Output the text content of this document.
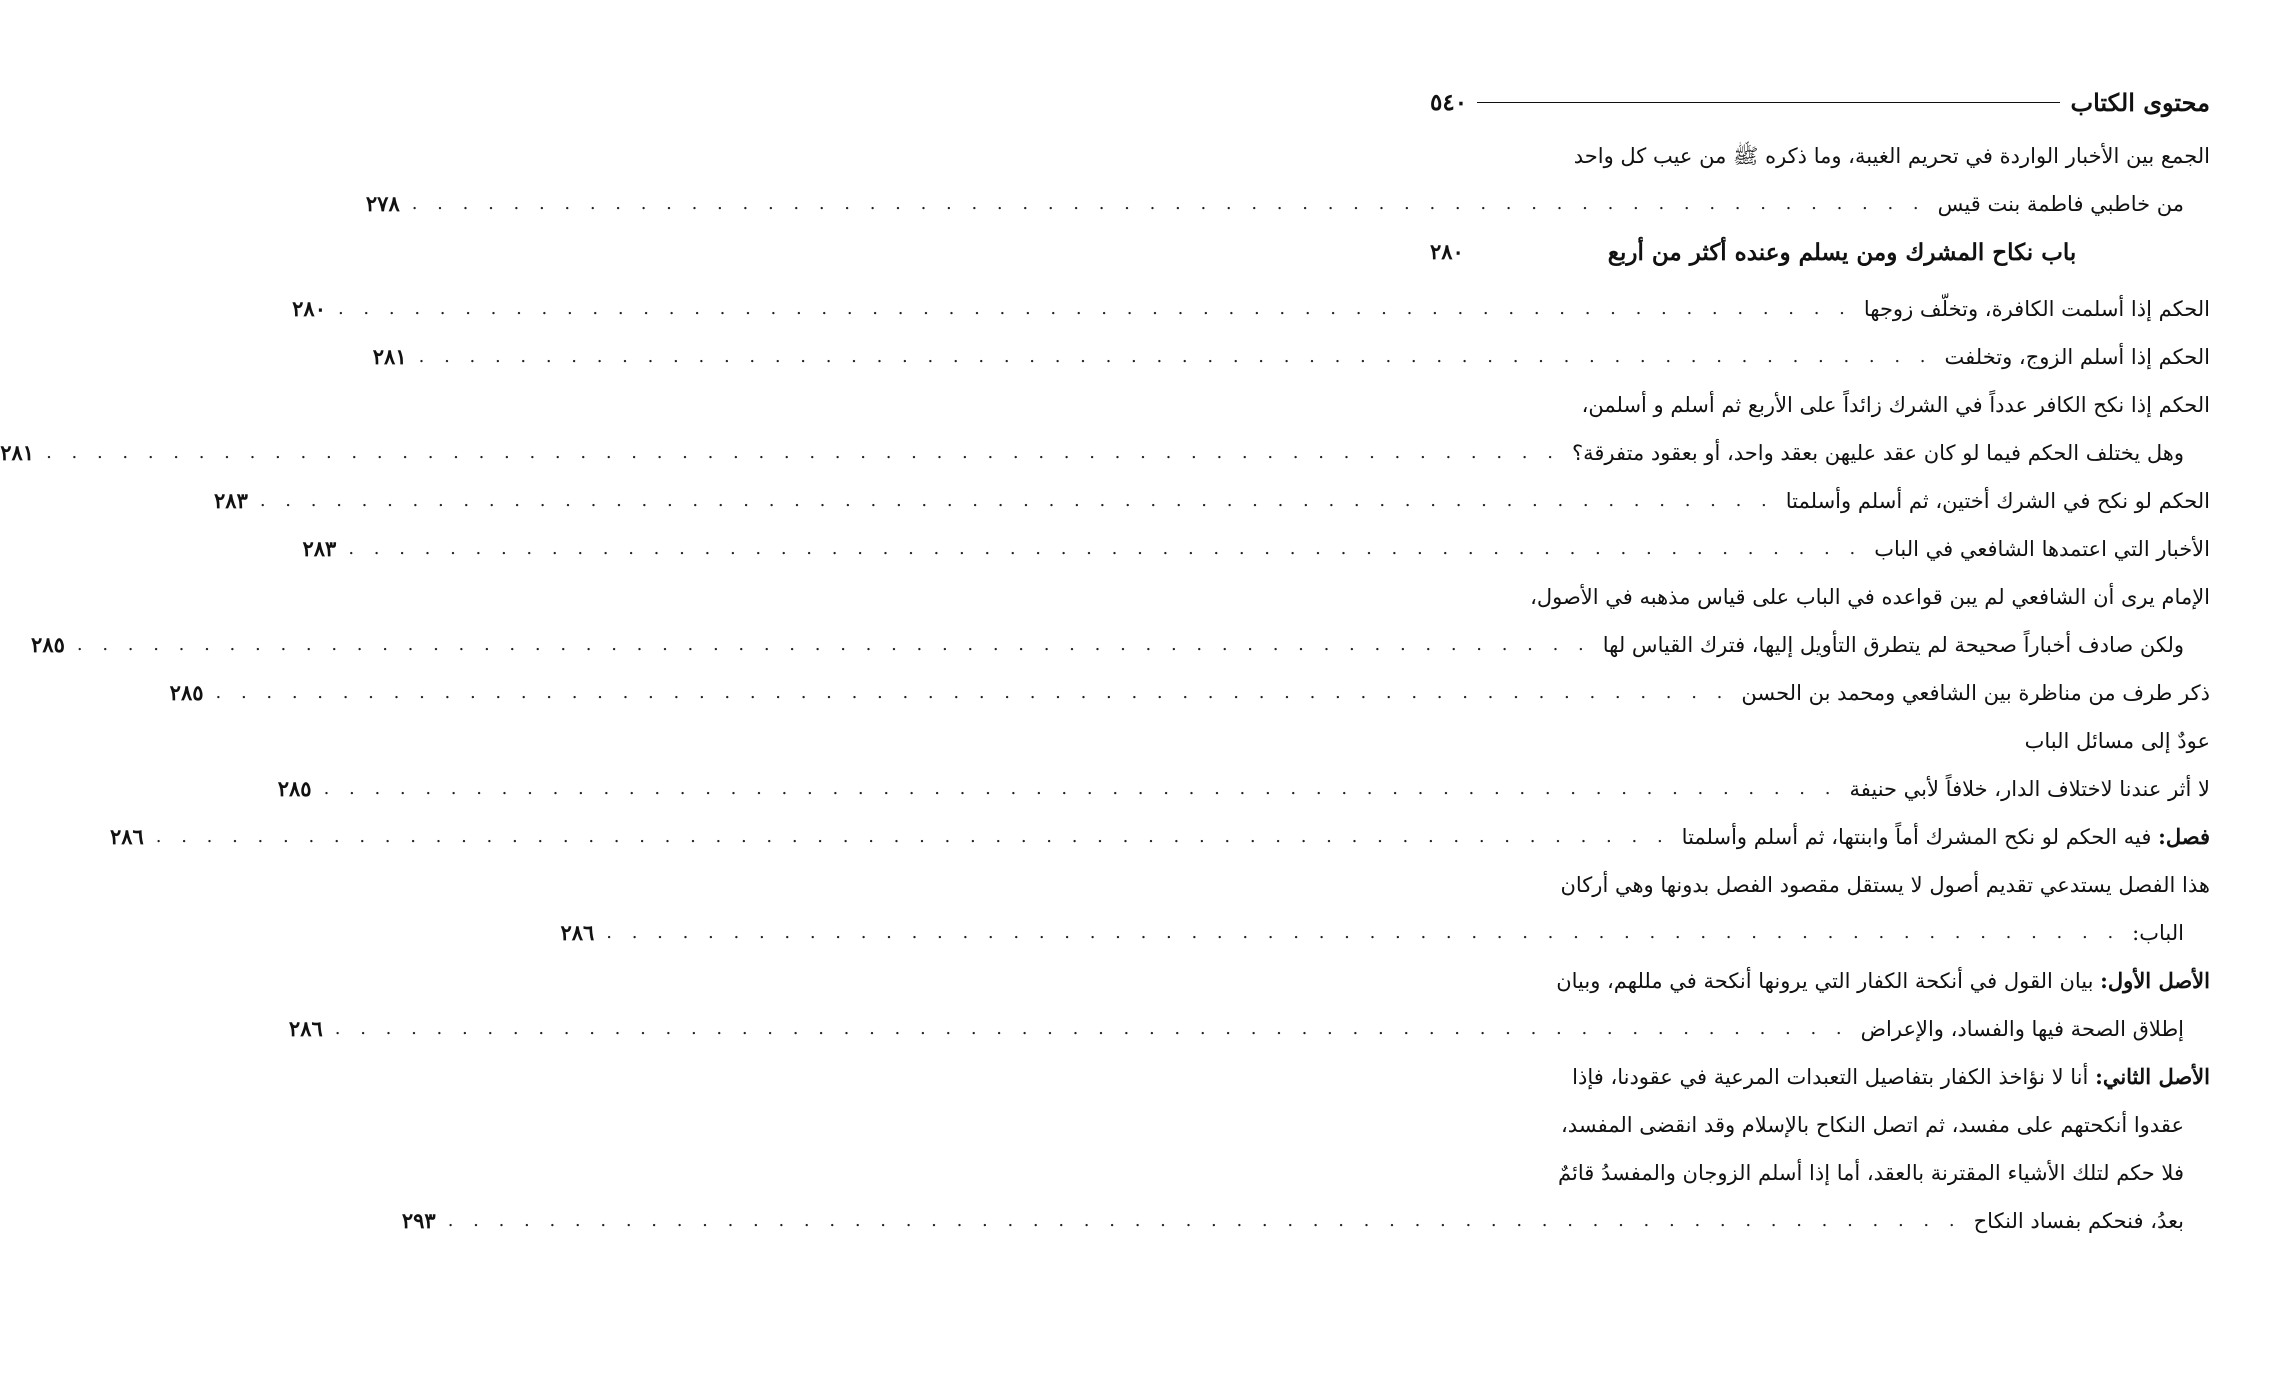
محتوى الكتاب
٥٤٠
الجمع بين الأخبار الواردة في تحريم الغيبة، وما ذكره ﷺ من عيب كل واحد
من خاطبي فاطمة بنت قيس
. . . . . . . . . . . . . . . . . . . . . . . . . . . . . . . . . . . . . . . . . . . . . . . . . . . . . . . . . . . .
٢٧٨
باب نكاح المشرك ومن يسلم وعنده أكثر من أربع
٢٨٠
الحكم إذا أسلمت الكافرة، وتخلّف زوجها
. . . . . . . . . . . . . . . . . . . . . . . . . . . . . . . . . . . . . . . . . . . . . . . . . . . . . . . . . . . .
٢٨٠
الحكم إذا أسلم الزوج، وتخلفت
. . . . . . . . . . . . . . . . . . . . . . . . . . . . . . . . . . . . . . . . . . . . . . . . . . . . . . . . . . . .
٢٨١
الحكم إذا نكح الكافر عدداً في الشرك زائداً على الأربع ثم أسلم و أسلمن،
وهل يختلف الحكم فيما لو كان عقد عليهن بعقد واحد، أو بعقود متفرقة؟
. . . . . . . . . . . . . . . . . . . . . . . . . . . . . . . . . . . . . . . . . . . . . . . . . . . . . . . . . . . .
٢٨١
الحكم لو نكح في الشرك أختين، ثم أسلم وأسلمتا
. . . . . . . . . . . . . . . . . . . . . . . . . . . . . . . . . . . . . . . . . . . . . . . . . . . . . . . . . . . .
٢٨٣
الأخبار التي اعتمدها الشافعي في الباب
. . . . . . . . . . . . . . . . . . . . . . . . . . . . . . . . . . . . . . . . . . . . . . . . . . . . . . . . . . . .
٢٨٣
الإمام يرى أن الشافعي لم يبن قواعده في الباب على قياس مذهبه في الأصول،
ولكن صادف أخباراً صحيحة لم يتطرق التأويل إليها، فترك القياس لها
. . . . . . . . . . . . . . . . . . . . . . . . . . . . . . . . . . . . . . . . . . . . . . . . . . . . . . . . . . . .
٢٨٥
ذكر طرف من مناظرة بين الشافعي ومحمد بن الحسن
. . . . . . . . . . . . . . . . . . . . . . . . . . . . . . . . . . . . . . . . . . . . . . . . . . . . . . . . . . . .
٢٨٥
عودٌ إلى مسائل الباب
لا أثر عندنا لاختلاف الدار، خلافاً لأبي حنيفة
. . . . . . . . . . . . . . . . . . . . . . . . . . . . . . . . . . . . . . . . . . . . . . . . . . . . . . . . . . . .
٢٨٥
فصل: فيه الحكم لو نكح المشرك أماً وابنتها، ثم أسلم وأسلمتا
. . . . . . . . . . . . . . . . . . . . . . . . . . . . . . . . . . . . . . . . . . . . . . . . . . . . . . . . . . . .
٢٨٦
هذا الفصل يستدعي تقديم أصول لا يستقل مقصود الفصل بدونها وهي أركان
الباب:
. . . . . . . . . . . . . . . . . . . . . . . . . . . . . . . . . . . . . . . . . . . . . . . . . . . . . . . . . . . .
٢٨٦
الأصل الأول: بيان القول في أنكحة الكفار التي يرونها أنكحة في مللهم، وبيان
إطلاق الصحة فيها والفساد، والإعراض
. . . . . . . . . . . . . . . . . . . . . . . . . . . . . . . . . . . . . . . . . . . . . . . . . . . . . . . . . . . .
٢٨٦
الأصل الثاني: أنا لا نؤاخذ الكفار بتفاصيل التعبدات المرعية في عقودنا، فإذا
عقدوا أنكحتهم على مفسد، ثم اتصل النكاح بالإسلام وقد انقضى المفسد،
فلا حكم لتلك الأشياء المقترنة بالعقد، أما إذا أسلم الزوجان والمفسدُ قائمٌ
بعدُ، فنحكم بفساد النكاح
. . . . . . . . . . . . . . . . . . . . . . . . . . . . . . . . . . . . . . . . . . . . . . . . . . . . . . . . . . . .
٢٩٣
